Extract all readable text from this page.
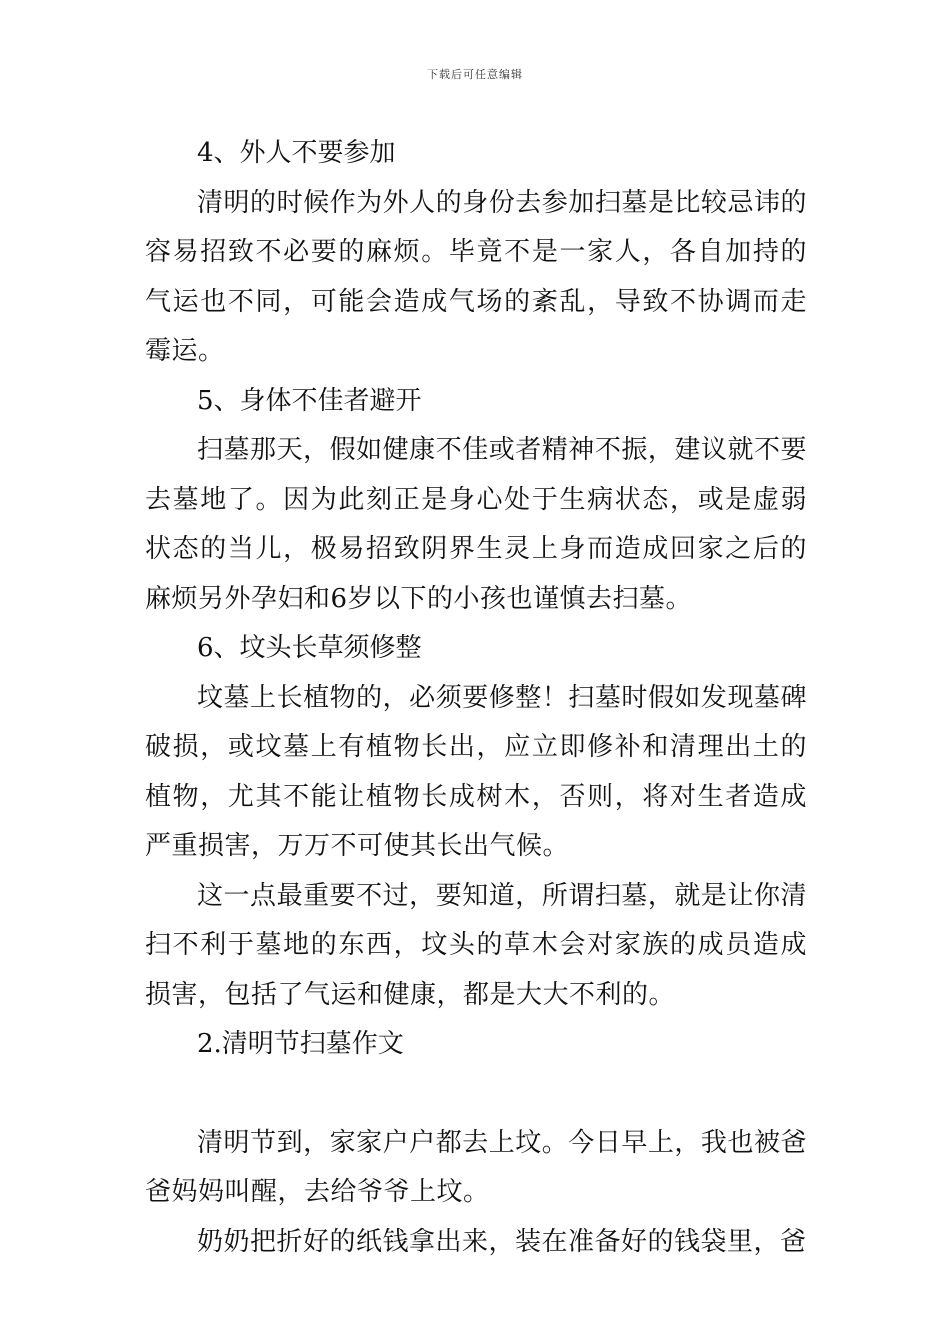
下载后可任意编辑

4、外人不要参加

清明的时候作为外人的身份去参加扫墓是比较忌讳的容易招致不必要的麻烦。毕竟不是一家人，各自加持的气运也不同，可能会造成气场的紊乱，导致不协调而走霉运。

5、身体不佳者避开

扫墓那天，假如健康不佳或者精神不振，建议就不要去墓地了。因为此刻正是身心处于生病状态，或是虚弱状态的当儿，极易招致阴界生灵上身而造成回家之后的麻烦另外孕妇和6岁以下的小孩也谨慎去扫墓。

6、坟头长草须修整

坟墓上长植物的，必须要修整！扫墓时假如发现墓碑破损，或坟墓上有植物长出，应立即修补和清理出土的植物，尤其不能让植物长成树木，否则，将对生者造成严重损害，万万不可使其长出气候。

这一点最重要不过，要知道，所谓扫墓，就是让你清扫不利于墓地的东西，坟头的草木会对家族的成员造成损害，包括了气运和健康，都是大大不利的。

2.清明节扫墓作文

清明节到，家家户户都去上坟。今日早上，我也被爸爸妈妈叫醒，去给爷爷上坟。

奶奶把折好的纸钱拿出来，装在准备好的钱袋里，爸
